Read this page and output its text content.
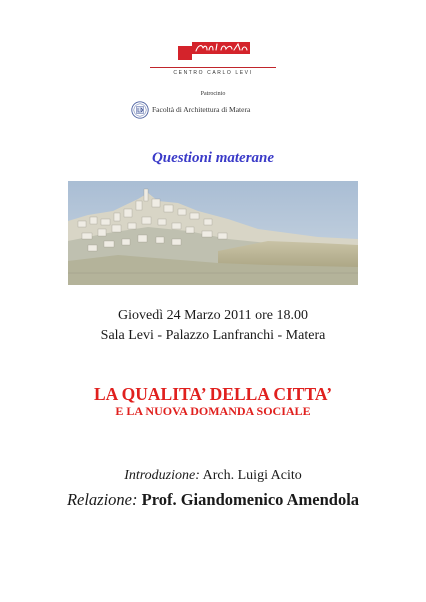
CENTRO CARLO LEVI
Patrocinio
Facoltà di Architettura di Matera
Questioni materane
Giovedì 24 Marzo 2011 ore 18.00
Sala Levi - Palazzo Lanfranchi - Matera
LA QUALITA’ DELLA CITTA’
E LA NUOVA DOMANDA SOCIALE
Introduzione: Arch. Luigi Acito
Relazione: Prof. Giandomenico Amendola
